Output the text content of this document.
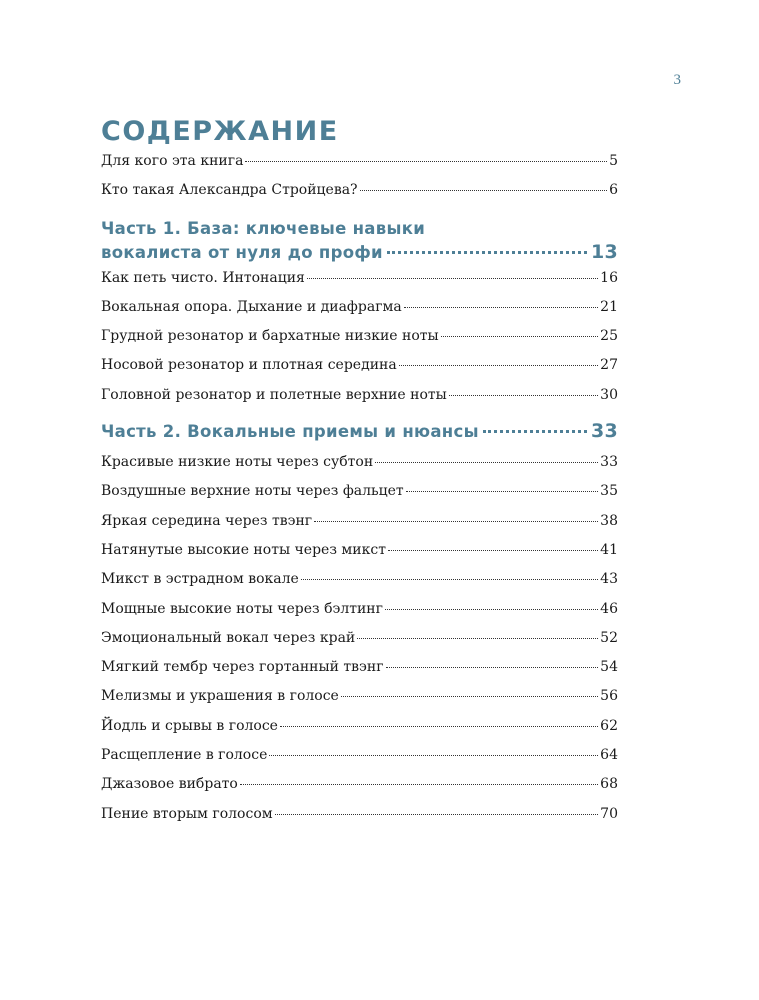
3
СОДЕРЖАНИЕ
Для кого эта книга	5
Кто такая Александра Стройцева?	6
Часть 1. База: ключевые навыки
вокалиста от нуля до профи	13
Как петь чисто. Интонация	16
Вокальная опора. Дыхание и диафрагма	21
Грудной резонатор и бархатные низкие ноты	25
Носовой резонатор и плотная середина	27
Головной резонатор и полетные верхние ноты	30
Часть 2. Вокальные приемы и нюансы	33
Красивые низкие ноты через субтон	33
Воздушные верхние ноты через фальцет	35
Яркая середина через твэнг	38
Натянутые высокие ноты через микст	41
Микст в эстрадном вокале	43
Мощные высокие ноты через бэлтинг	46
Эмоциональный вокал через край	52
Мягкий тембр через гортанный твэнг	54
Мелизмы и украшения в голосе	56
Йодль и срывы в голосе	62
Расщепление в голосе	64
Джазовое вибрато	68
Пение вторым голосом	70
